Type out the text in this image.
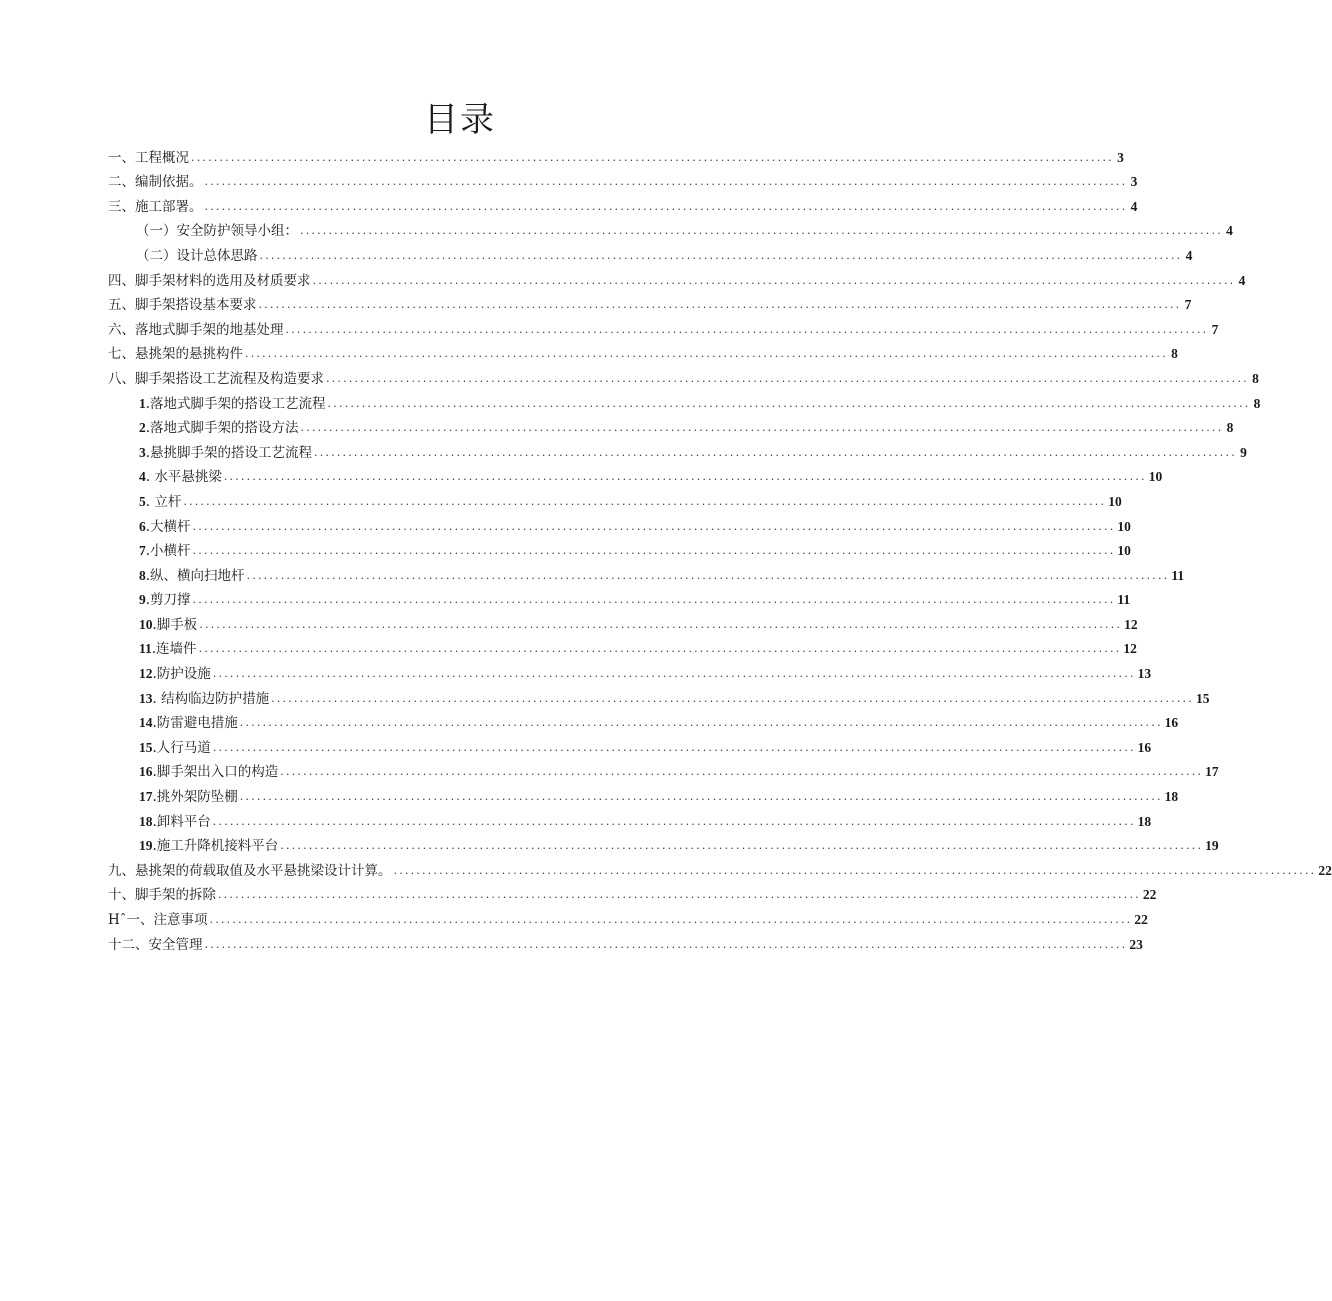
目录
一、工程概况 .................................................................................................................................................................. 3
二、编制依据。 .................................................................................................................................................................. 3
三、施工部署。 .................................................................................................................................................................. 4
（一）安全防护领导小组： .................................................................................................................................................................. 4
（二）设计总体思路 .................................................................................................................................................................. 4
四、脚手架材料的选用及材质要求 .................................................................................................................................................................. 4
五、脚手架搭设基本要求 .................................................................................................................................................................. 7
六、落地式脚手架的地基处理 .................................................................................................................................................................. 7
七、悬挑架的悬挑构件 .................................................................................................................................................................. 8
八、脚手架搭设工艺流程及构造要求 .................................................................................................................................................................. 8
1 .落地式脚手架的搭设工艺流程 .................................................................................................................................................................. 8
2 .落地式脚手架的搭设方法 .................................................................................................................................................................. 8
3 .悬挑脚手架的搭设工艺流程 .................................................................................................................................................................. 9
4 . 水平悬挑梁 .................................................................................................................................................................. 10
5 . 立杆 .................................................................................................................................................................. 10
6 .大横杆 .................................................................................................................................................................. 10
7 .小横杆 .................................................................................................................................................................. 10
8 .纵、横向扫地杆 .................................................................................................................................................................. 11
9 .剪刀撑 .................................................................................................................................................................. 11
10 .脚手板 .................................................................................................................................................................. 12
11 .连墙件 .................................................................................................................................................................. 12
12 .防护设施 .................................................................................................................................................................. 13
13 . 结构临边防护措施 .................................................................................................................................................................. 15
14 .防雷避电措施 .................................................................................................................................................................. 16
15 .人行马道 .................................................................................................................................................................. 16
16 .脚手架出入口的构造 .................................................................................................................................................................. 17
17 .挑外架防坠棚 .................................................................................................................................................................. 18
18 .卸料平台 .................................................................................................................................................................. 18
19 .施工升降机接料平台 .................................................................................................................................................................. 19
九、悬挑架的荷载取值及水平悬挑梁设计计算。 .................................................................................................................................................................. 22
十、脚手架的拆除 .................................................................................................................................................................. 22
Hˆ一、注意事项 .................................................................................................................................................................. 22
十二、安全管理 .................................................................................................................................................................. 23
